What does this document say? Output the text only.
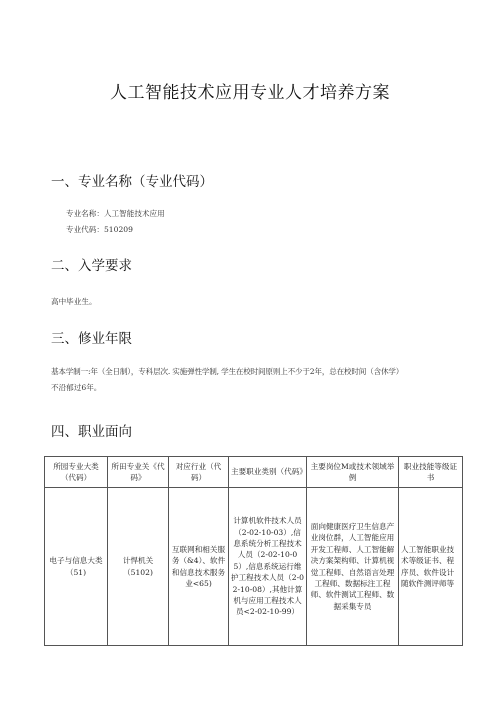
人工智能技术应用专业人才培养方案
一、专业名称（专业代码）
专业名称：人工智能技术应用
专业代码：510209
二、入学要求
高中毕业生。
三、修业年限
基本学制一:年（全日制），专科层次. 实施弹性学制, 学生在校时间原则上不少于2年，总在校时间（含休学）
不沿郁过6年。
四、职业面向
所园专业大类（代码）	所田专业关《代码》	对应行业（代码）	主要职业类别（代码》	主要岗位M或技术领域举例	职业技能等级证书
电子与信息大类（51)	计悍机关（5102)	互联网和相关服务（&4）、软件和信息技术服务业<65)	计算机软件技术人员（2-02-10-03）,信息系统分析工程技术人员（2-02-10-05）,信息系统运行维护工程技术人员（2-02-10-08）,其他计算机与应用工程技术人员<2-02-10-99）	面向健康医疗卫生信息产业岗位群，人工智能应用开发工程师、人工智能解决方案架构师、计算机视觉工程师、自然语言处理工程师、数据标注工程师、软件测试工程师、数据采集专员	人工智能职业技术等级证书、程序员、软件设计随软件测评师等
